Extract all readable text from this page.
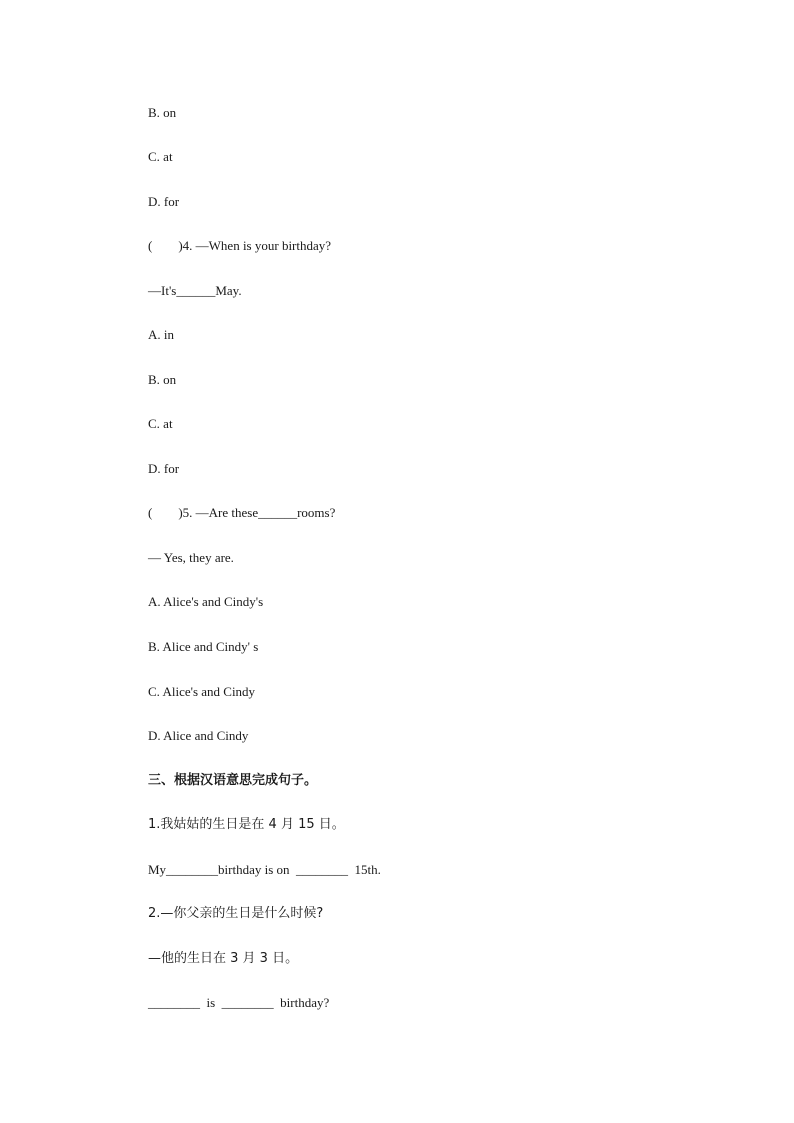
B. on
C. at
D. for
(        )4. —When is your birthday?
—It's______May.
A. in
B. on
C. at
D. for
(        )5. —Are these______rooms?
— Yes, they are.
A. Alice's and Cindy's
B. Alice and Cindy' s
C. Alice's and Cindy
D. Alice and Cindy
三、根据汉语意思完成句子。
1.我姑姑的生日是在 4 月 15 日。
My________birthday is on  ________  15th.
2.—你父亲的生日是什么时候?
—他的生日在 3 月 3 日。
________  is  ________  birthday?
